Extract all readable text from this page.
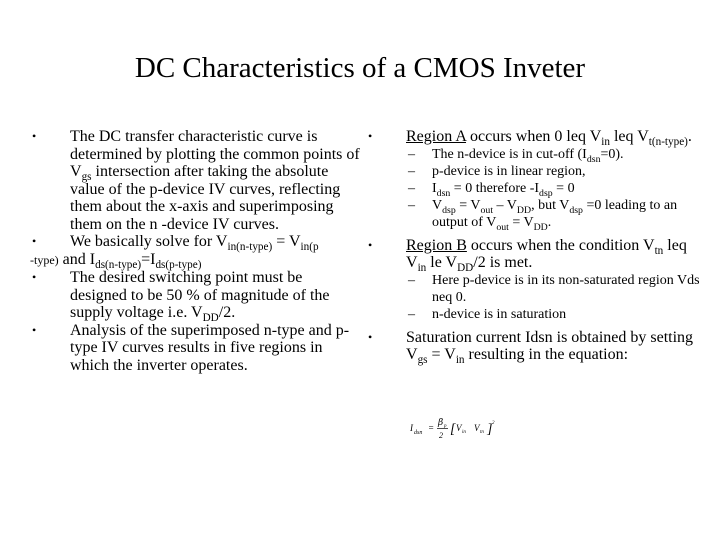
DC Characteristics of a CMOS Inveter
• The DC transfer characteristic curve is determined by plotting the common points of $V_{gs}$ intersection after taking the absolute value of the p-device IV curves, reflecting them about the x-axis and superimposing them on the n -device IV curves.
• We basically solve for $V_{in(n-type)} = V_{in(p}$
-type) and $I_{ds(n-type)}=I_{ds(p-type)}$
• The desired switching point must be designed to be 50 % of magnitude of the supply voltage i.e. $V_{DD}/2$.
• Analysis of the superimposed n-type and p-type IV curves results in five regions in which the inverter operates.
• Region A occurs when 0 leq $V_{in}$ leq $V_{t(n-type)}$.
– The n-device is in cut-off $(I_{dsn}=0)$.
– p-device is in linear region,
– $I_{dsn} = 0$ therefore $-I_{dsp} = 0$
– $V_{dsp} = V_{out} - V_{DD}$, but $V_{dsp} =0$ leading to an output of $V_{out} = V_{DD}$.
• Region B occurs when the condition $V_{tn}$ leq $V_{in}$ le $V_{DD}/2$ is met.
– Here p-device is in its non-saturated region Vds neq 0.
– n-device is in saturation
• Saturation current Idsn is obtained by setting $V_{gs} = V_{in}$ resulting in the equation:
I dsn = β p
2 [ V in V tn ] 2
